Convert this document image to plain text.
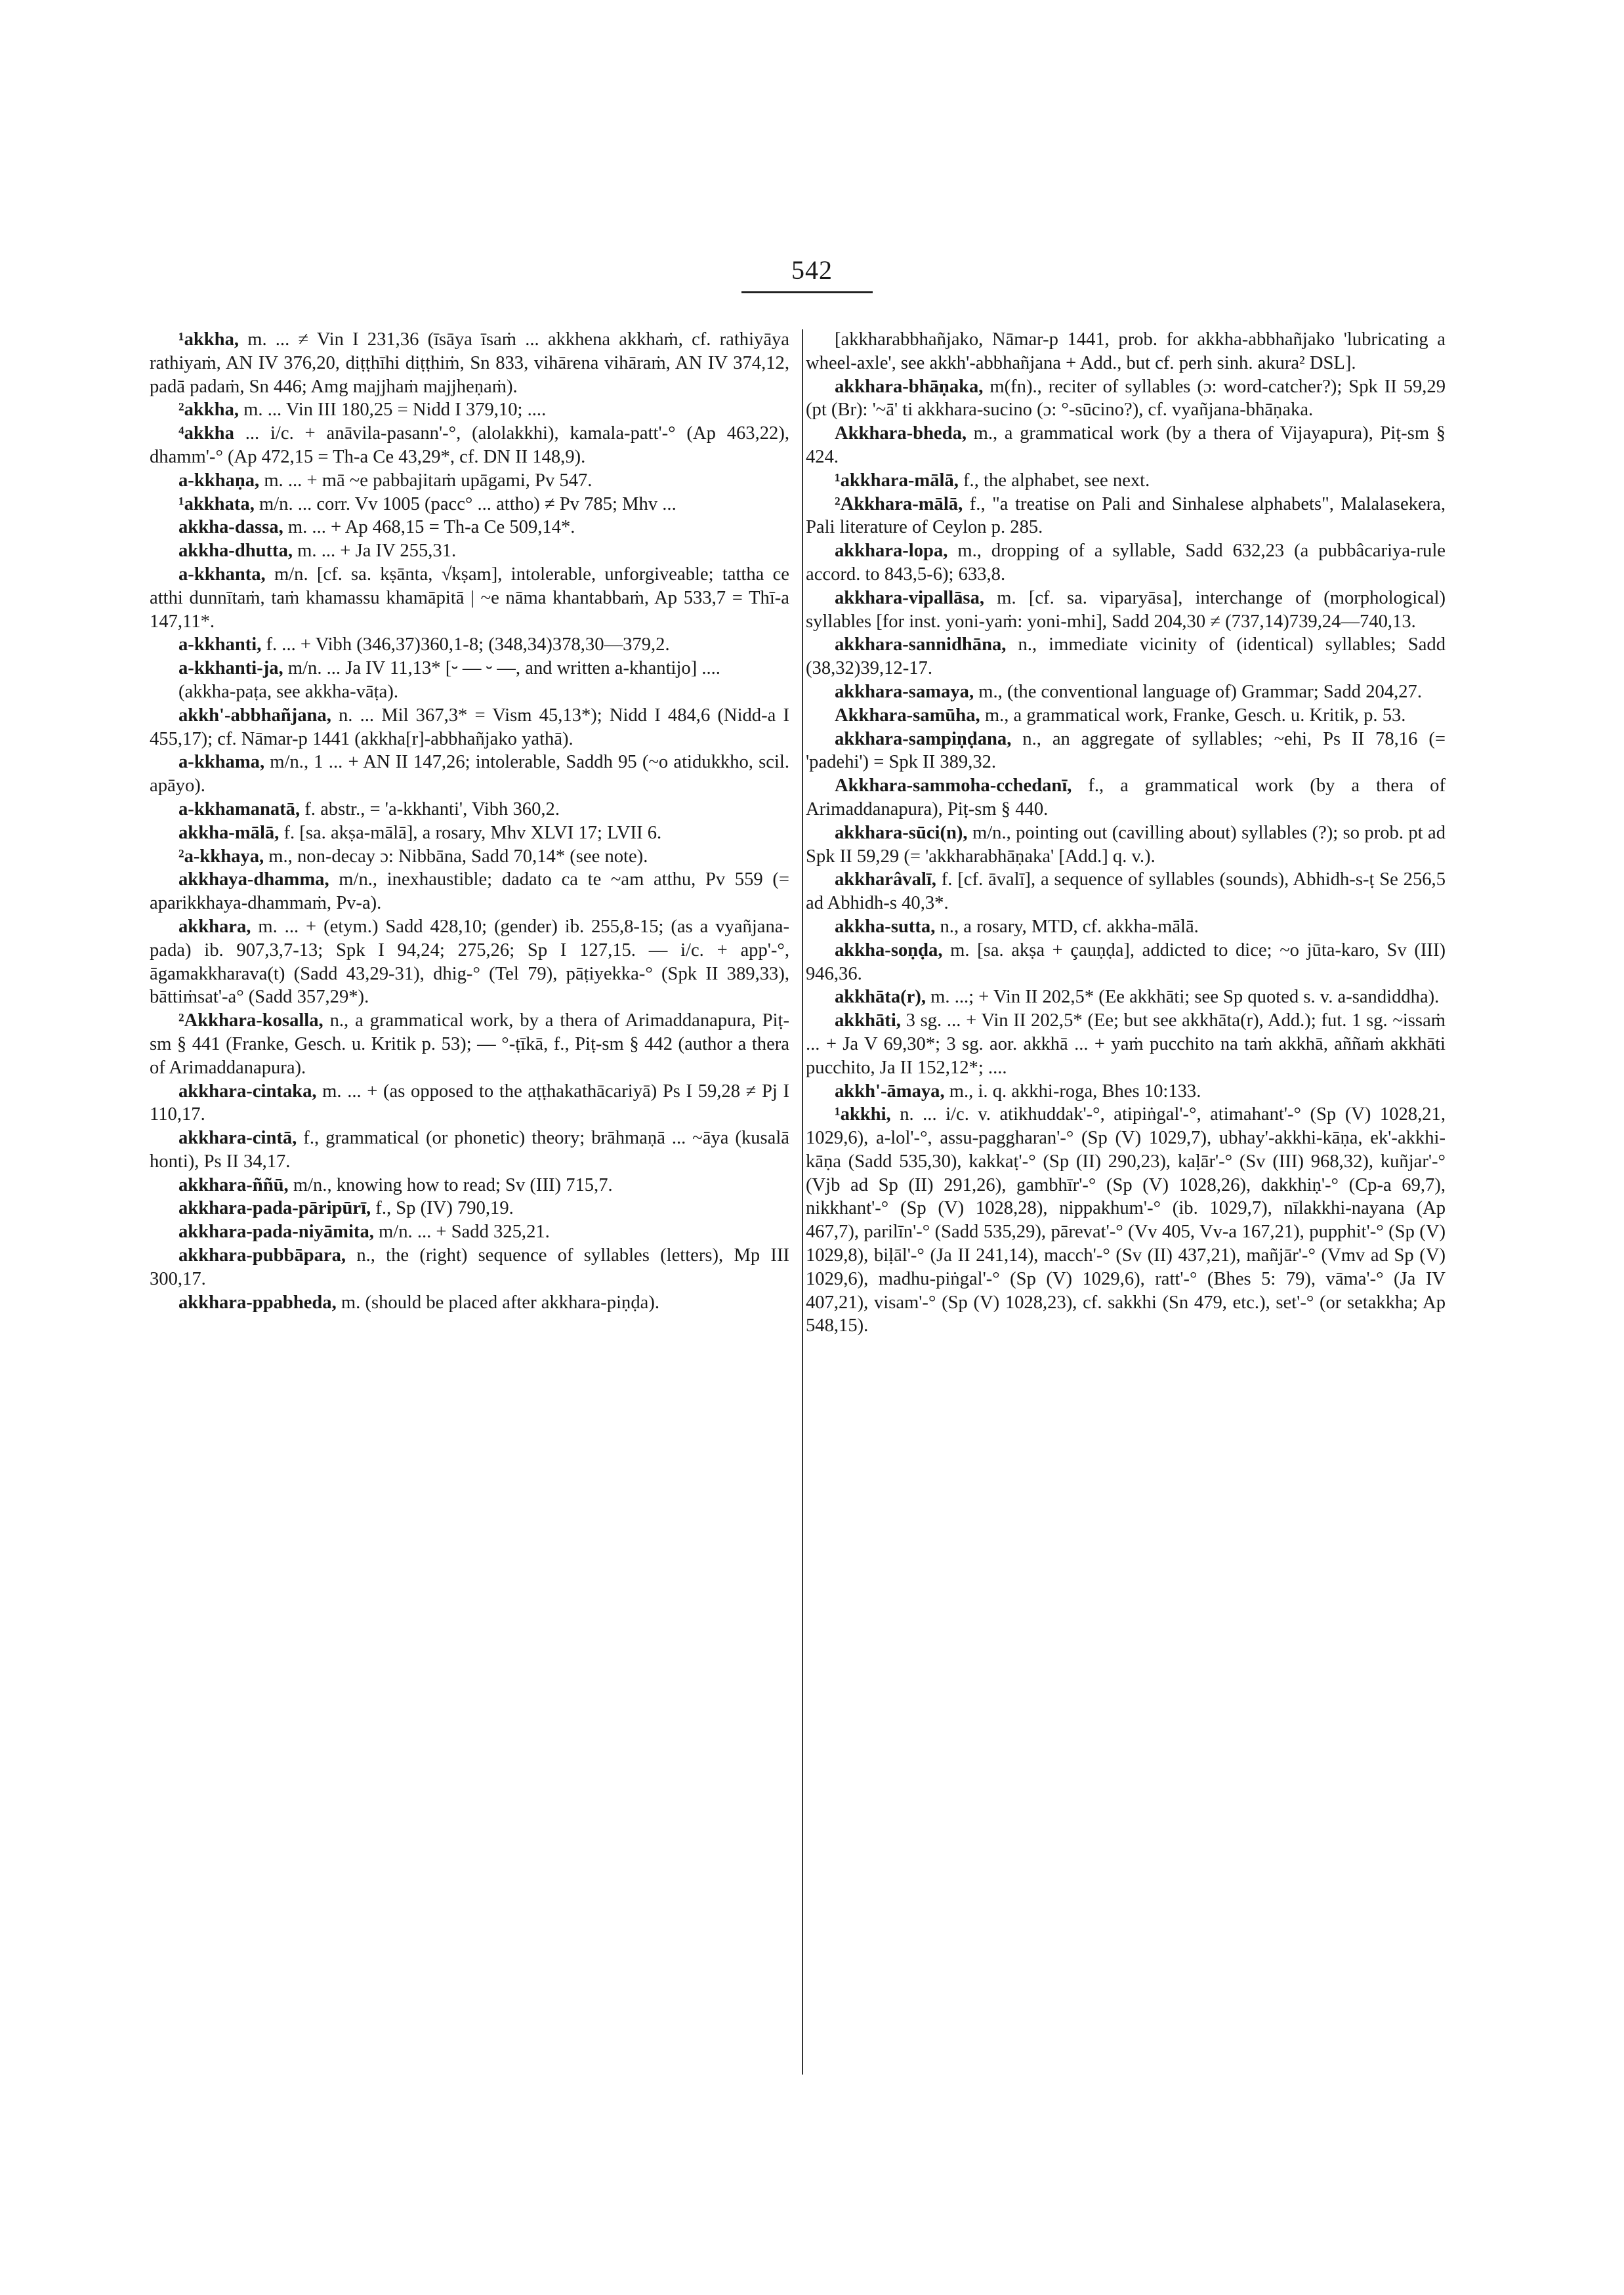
542

¹akkha, m. ... ≠ Vin I 231,36 (īsāya īsaṁ ... akkhena akkhaṁ, cf. rathiyāya rathiyaṁ, AN IV 376,20, diṭṭhīhi diṭṭhiṁ, Sn 833, vihārena vihāraṁ, AN IV 374,12, padā padaṁ, Sn 446; Amg majjhaṁ majjheṇaṁ).

²akkha, m. ... Vin III 180,25 = Nidd I 379,10; ....

⁴akkha ... i/c. + anāvila-pasann'-°, (alolakkhi), kamala-patt'-° (Ap 463,22), dhamm'-° (Ap 472,15 = Th-a Ce 43,29*, cf. DN II 148,9).

a-kkhaṇa, m. ... + mā ~e pabbajitaṁ upāgami, Pv 547.

¹akkhata, m/n. ... corr. Vv 1005 (pacc° ... attho) ≠ Pv 785; Mhv ...

akkha-dassa, m. ... + Ap 468,15 = Th-a Ce 509,14*.

akkha-dhutta, m. ... + Ja IV 255,31.

a-kkhanta, m/n. [cf. sa. kṣānta, √kṣam], intolerable, unforgiveable; tattha ce atthi dunnītaṁ, taṁ khamassu khamāpitā | ~e nāma khantabbaṁ, Ap 533,7 = Thī-a 147,11*.

a-kkhanti, f. ... + Vibh (346,37)360,1-8; (348,34)378,30—379,2.

a-kkhanti-ja, m/n. ... Ja IV 11,13* [⏑ — ⏑ —, and written a-khantijo] ....

(akkha-paṭa, see akkha-vāṭa).

akkh'-abbhañjana, n. ... Mil 367,3* = Vism 45,13*); Nidd I 484,6 (Nidd-a I 455,17); cf. Nāmar-p 1441 (akkha[r]-abbhañjako yathā).

a-kkhama, m/n., 1 ... + AN II 147,26; intolerable, Saddh 95 (~o atidukkho, scil. apāyo).

a-kkhamanatā, f. abstr., = 'a-kkhanti', Vibh 360,2.

akkha-mālā, f. [sa. akṣa-mālā], a rosary, Mhv XLVI 17; LVII 6.

²a-kkhaya, m., non-decay ɔ: Nibbāna, Sadd 70,14* (see note).

akkhaya-dhamma, m/n., inexhaustible; dadato ca te ~am atthu, Pv 559 (= aparikkhaya-dhammaṁ, Pv-a).

akkhara, m. ... + (etym.) Sadd 428,10; (gender) ib. 255,8-15; (as a vyañjana-pada) ib. 907,3,7-13; Spk I 94,24; 275,26; Sp I 127,15. — i/c. + app'-°, āgamakkharava(t) (Sadd 43,29-31), dhig-° (Tel 79), pāṭiyekka-° (Spk II 389,33), bāttiṁsat'-a° (Sadd 357,29*).

²Akkhara-kosalla, n., a grammatical work, by a thera of Arimaddanapura, Piṭ-sm § 441 (Franke, Gesch. u. Kritik p. 53); — °-ṭīkā, f., Piṭ-sm § 442 (author a thera of Arimaddanapura).

akkhara-cintaka, m. ... + (as opposed to the aṭṭhakathācariyā) Ps I 59,28 ≠ Pj I 110,17.

akkhara-cintā, f., grammatical (or phonetic) theory; brāhmaṇā ... ~āya (kusalā honti), Ps II 34,17.

akkhara-ññū, m/n., knowing how to read; Sv (III) 715,7.

akkhara-pada-pāripūrī, f., Sp (IV) 790,19.

akkhara-pada-niyāmita, m/n. ... + Sadd 325,21.

akkhara-pubbāpara, n., the (right) sequence of syllables (letters), Mp III 300,17.

akkhara-ppabheda, m. (should be placed after akkhara-piṇḍa).

[akkharabbhañjako, Nāmar-p 1441, prob. for akkha-abbhañjako 'lubricating a wheel-axle', see akkh'-abbhañjana + Add., but cf. perh sinh. akura² DSL].

akkhara-bhāṇaka, m(fn)., reciter of syllables (ɔ: word-catcher?); Spk II 59,29 (pt (Br): '~ā' ti akkhara-sucino (ɔ: °-sūcino?), cf. vyañjana-bhāṇaka.

Akkhara-bheda, m., a grammatical work (by a thera of Vijayapura), Piṭ-sm § 424.

¹akkhara-mālā, f., the alphabet, see next.

²Akkhara-mālā, f., "a treatise on Pali and Sinhalese alphabets", Malalasekera, Pali literature of Ceylon p. 285.

akkhara-lopa, m., dropping of a syllable, Sadd 632,23 (a pubbâcariya-rule accord. to 843,5-6); 633,8.

akkhara-vipallāsa, m. [cf. sa. viparyāsa], interchange of (morphological) syllables [for inst. yoni-yaṁ: yoni-mhi], Sadd 204,30 ≠ (737,14)739,24—740,13.

akkhara-sannidhāna, n., immediate vicinity of (identical) syllables; Sadd (38,32)39,12-17.

akkhara-samaya, m., (the conventional language of) Grammar; Sadd 204,27.

Akkhara-samūha, m., a grammatical work, Franke, Gesch. u. Kritik, p. 53.

akkhara-sampiṇḍana, n., an aggregate of syllables; ~ehi, Ps II 78,16 (= 'padehi') = Spk II 389,32.

Akkhara-sammoha-cchedanī, f., a grammatical work (by a thera of Arimaddanapura), Piṭ-sm § 440.

akkhara-sūci(n), m/n., pointing out (cavilling about) syllables (?); so prob. pt ad Spk II 59,29 (= 'akkharabhāṇaka' [Add.] q. v.).

akkharâvalī, f. [cf. āvalī], a sequence of syllables (sounds), Abhidh-s-ṭ Se 256,5 ad Abhidh-s 40,3*.

akkha-sutta, n., a rosary, MTD, cf. akkha-mālā.

akkha-soṇḍa, m. [sa. akṣa + çauṇḍa], addicted to dice; ~o jūta-karo, Sv (III) 946,36.

akkhāta(r), m. ...; + Vin II 202,5* (Ee akkhāti; see Sp quoted s. v. a-sandiddha).

akkhāti, 3 sg. ... + Vin II 202,5* (Ee; but see akkhāta(r), Add.); fut. 1 sg. ~issaṁ ... + Ja V 69,30*; 3 sg. aor. akkhā ... + yaṁ pucchito na taṁ akkhā, aññaṁ akkhāti pucchito, Ja II 152,12*; ....

akkh'-āmaya, m., i. q. akkhi-roga, Bhes 10:133.

¹akkhi, n. ... i/c. v. atikhuddak'-°, atipiṅgal'-°, atimahant'-° (Sp (V) 1028,21, 1029,6), a-lol'-°, assu-paggharan'-° (Sp (V) 1029,7), ubhay'-akkhi-kāṇa, ek'-akkhi-kāṇa (Sadd 535,30), kakkaṭ'-° (Sp (II) 290,23), kaḷār'-° (Sv (III) 968,32), kuñjar'-° (Vjb ad Sp (II) 291,26), gambhīr'-° (Sp (V) 1028,26), dakkhiṇ'-° (Cp-a 69,7), nikkhant'-° (Sp (V) 1028,28), nippakhum'-° (ib. 1029,7), nīlakkhi-nayana (Ap 467,7), parilīn'-° (Sadd 535,29), pārevat'-° (Vv 405, Vv-a 167,21), pupphit'-° (Sp (V) 1029,8), biḷāl'-° (Ja II 241,14), macch'-° (Sv (II) 437,21), mañjār'-° (Vmv ad Sp (V) 1029,6), madhu-piṅgal'-° (Sp (V) 1029,6), ratt'-° (Bhes 5: 79), vāma'-° (Ja IV 407,21), visam'-° (Sp (V) 1028,23), cf. sakkhi (Sn 479, etc.), set'-° (or setakkha; Ap 548,15).
